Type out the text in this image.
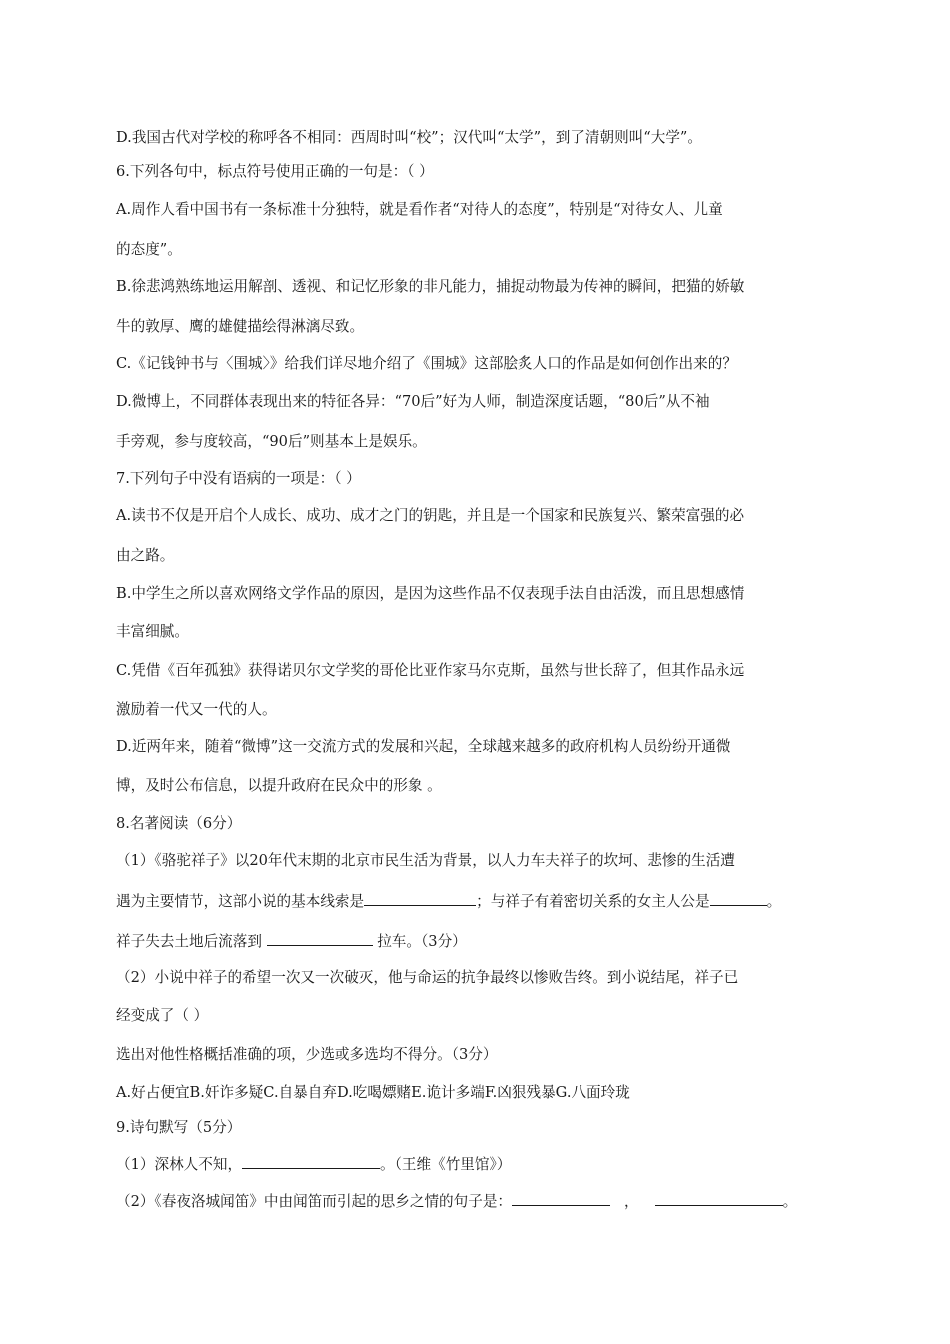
D.我国古代对学校的称呼各不相同：西周时叫“校”；汉代叫“太学”，到了清朝则叫“大学”。
6.下列各句中，标点符号使用正确的一句是：（ ）
A.周作人看中国书有一条标准十分独特，就是看作者“对待人的态度”，特别是“对待女人、儿童
的态度”。
B.徐悲鸿熟练地运用解剖、透视、和记忆形象的非凡能力，捕捉动物最为传神的瞬间，把猫的娇敏
牛的敦厚、鹰的雄健描绘得淋漓尽致。
C.《记钱钟书与〈围城〉》给我们详尽地介绍了《围城》这部脍炙人口的作品是如何创作出来的？
D.微博上，不同群体表现出来的特征各异：“70后”好为人师，制造深度话题，“80后”从不袖
手旁观，参与度较高，“90后”则基本上是娱乐。
7.下列句子中没有语病的一项是：（ ）
A.读书不仅是开启个人成长、成功、成才之门的钥匙，并且是一个国家和民族复兴、繁荣富强的必
由之路。
B.中学生之所以喜欢网络文学作品的原因，是因为这些作品不仅表现手法自由活泼，而且思想感情
丰富细腻。
C.凭借《百年孤独》获得诺贝尔文学奖的哥伦比亚作家马尔克斯，虽然与世长辞了，但其作品永远
激励着一代又一代的人。
D.近两年来，随着“微博”这一交流方式的发展和兴起，全球越来越多的政府机构人员纷纷开通微
博，及时公布信息，以提升政府在民众中的形象 。
8.名著阅读（6分）
（1）《骆驼祥子》以20年代末期的北京市民生活为背景，以人力车夫祥子的坎坷、悲惨的生活遭
遇为主要情节，这部小说的基本线索是	；与祥子有着密切关系的女主人公是	。
祥子失去土地后流落到	拉车。（3分）
（2）小说中祥子的希望一次又一次破灭，他与命运的抗争最终以惨败告终。到小说结尾，祥子已
经变成了（ ）
选出对他性格概括准确的项，少选或多选均不得分。（3分）
A.好占便宜B.奸诈多疑C.自暴自弃D.吃喝嫖赌E.诡计多端F.凶狠残暴G.八面玲珑
9.诗句默写（5分）
（1）深林人不知，	。（王维《竹里馆》）
（2）《春夜洛城闻笛》中由闻笛而引起的思乡之情的句子是：	，	。
